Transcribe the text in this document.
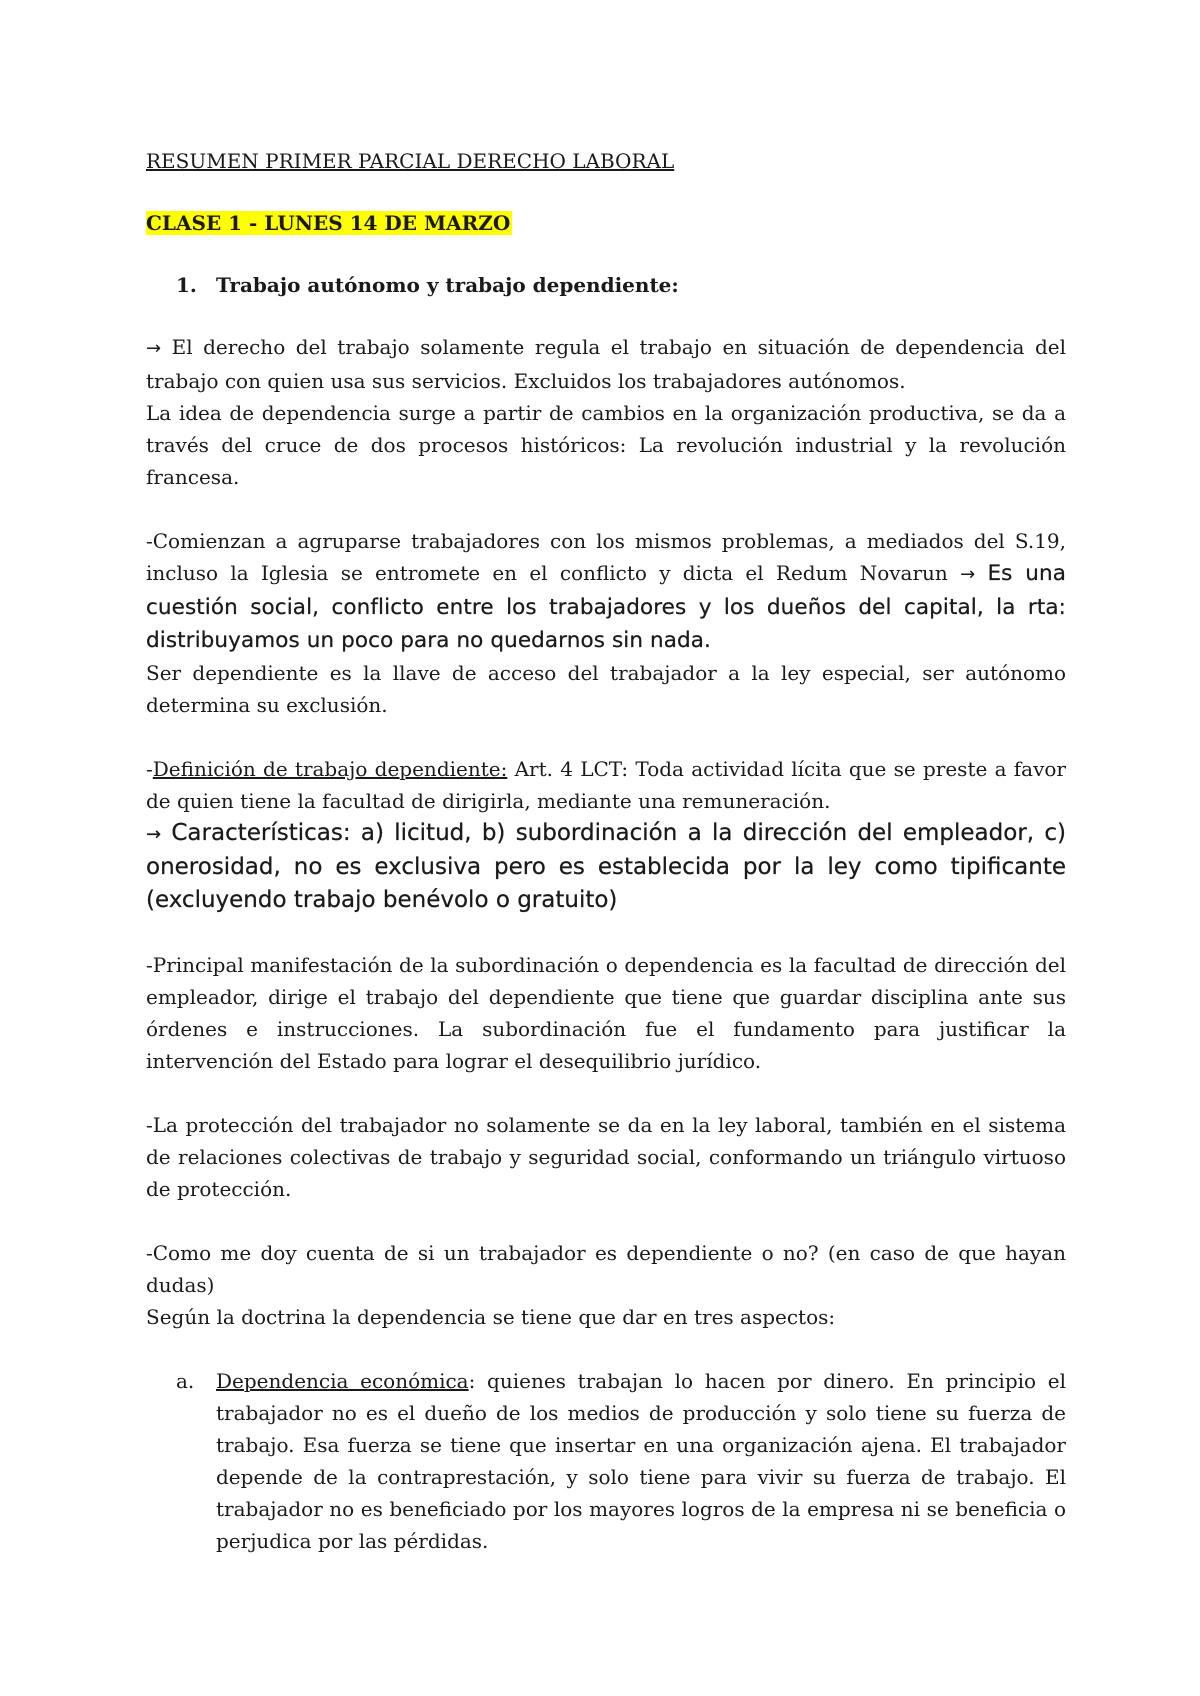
RESUMEN PRIMER PARCIAL DERECHO LABORAL
CLASE 1 - LUNES 14 DE MARZO
1. Trabajo autónomo y trabajo dependiente:

→ El derecho del trabajo solamente regula el trabajo en situación de dependencia del trabajo con quien usa sus servicios. Excluidos los trabajadores autónomos.

La idea de dependencia surge a partir de cambios en la organización productiva, se da a través del cruce de dos procesos históricos: La revolución industrial y la revolución francesa.

-Comienzan a agruparse trabajadores con los mismos problemas, a mediados del S.19, incluso la Iglesia se entromete en el conflicto y dicta el Redum Novarun → Es una cuestión social, conflicto entre los trabajadores y los dueños del capital, la rta: distribuyamos un poco para no quedarnos sin nada.

Ser dependiente es la llave de acceso del trabajador a la ley especial, ser autónomo determina su exclusión.

-Definición de trabajo dependiente: Art. 4 LCT: Toda actividad lícita que se preste a favor de quien tiene la facultad de dirigirla, mediante una remuneración.

→ Características: a) licitud, b) subordinación a la dirección del empleador, c) onerosidad, no es exclusiva pero es establecida por la ley como tipificante (excluyendo trabajo benévolo o gratuito)

-Principal manifestación de la subordinación o dependencia es la facultad de dirección del empleador, dirige el trabajo del dependiente que tiene que guardar disciplina ante sus órdenes e instrucciones. La subordinación fue el fundamento para justificar la intervención del Estado para lograr el desequilibrio jurídico.

-La protección del trabajador no solamente se da en la ley laboral, también en el sistema de relaciones colectivas de trabajo y seguridad social, conformando un triángulo virtuoso de protección.

-Como me doy cuenta de si un trabajador es dependiente o no? (en caso de que hayan dudas)

Según la doctrina la dependencia se tiene que dar en tres aspectos:

a.	Dependencia económica: quienes trabajan lo hacen por dinero. En principio el trabajador no es el dueño de los medios de producción y solo tiene su fuerza de trabajo. Esa fuerza se tiene que insertar en una organización ajena. El trabajador depende de la contraprestación, y solo tiene para vivir su fuerza de trabajo. El trabajador no es beneficiado por los mayores logros de la empresa ni se beneficia o perjudica por las pérdidas.
